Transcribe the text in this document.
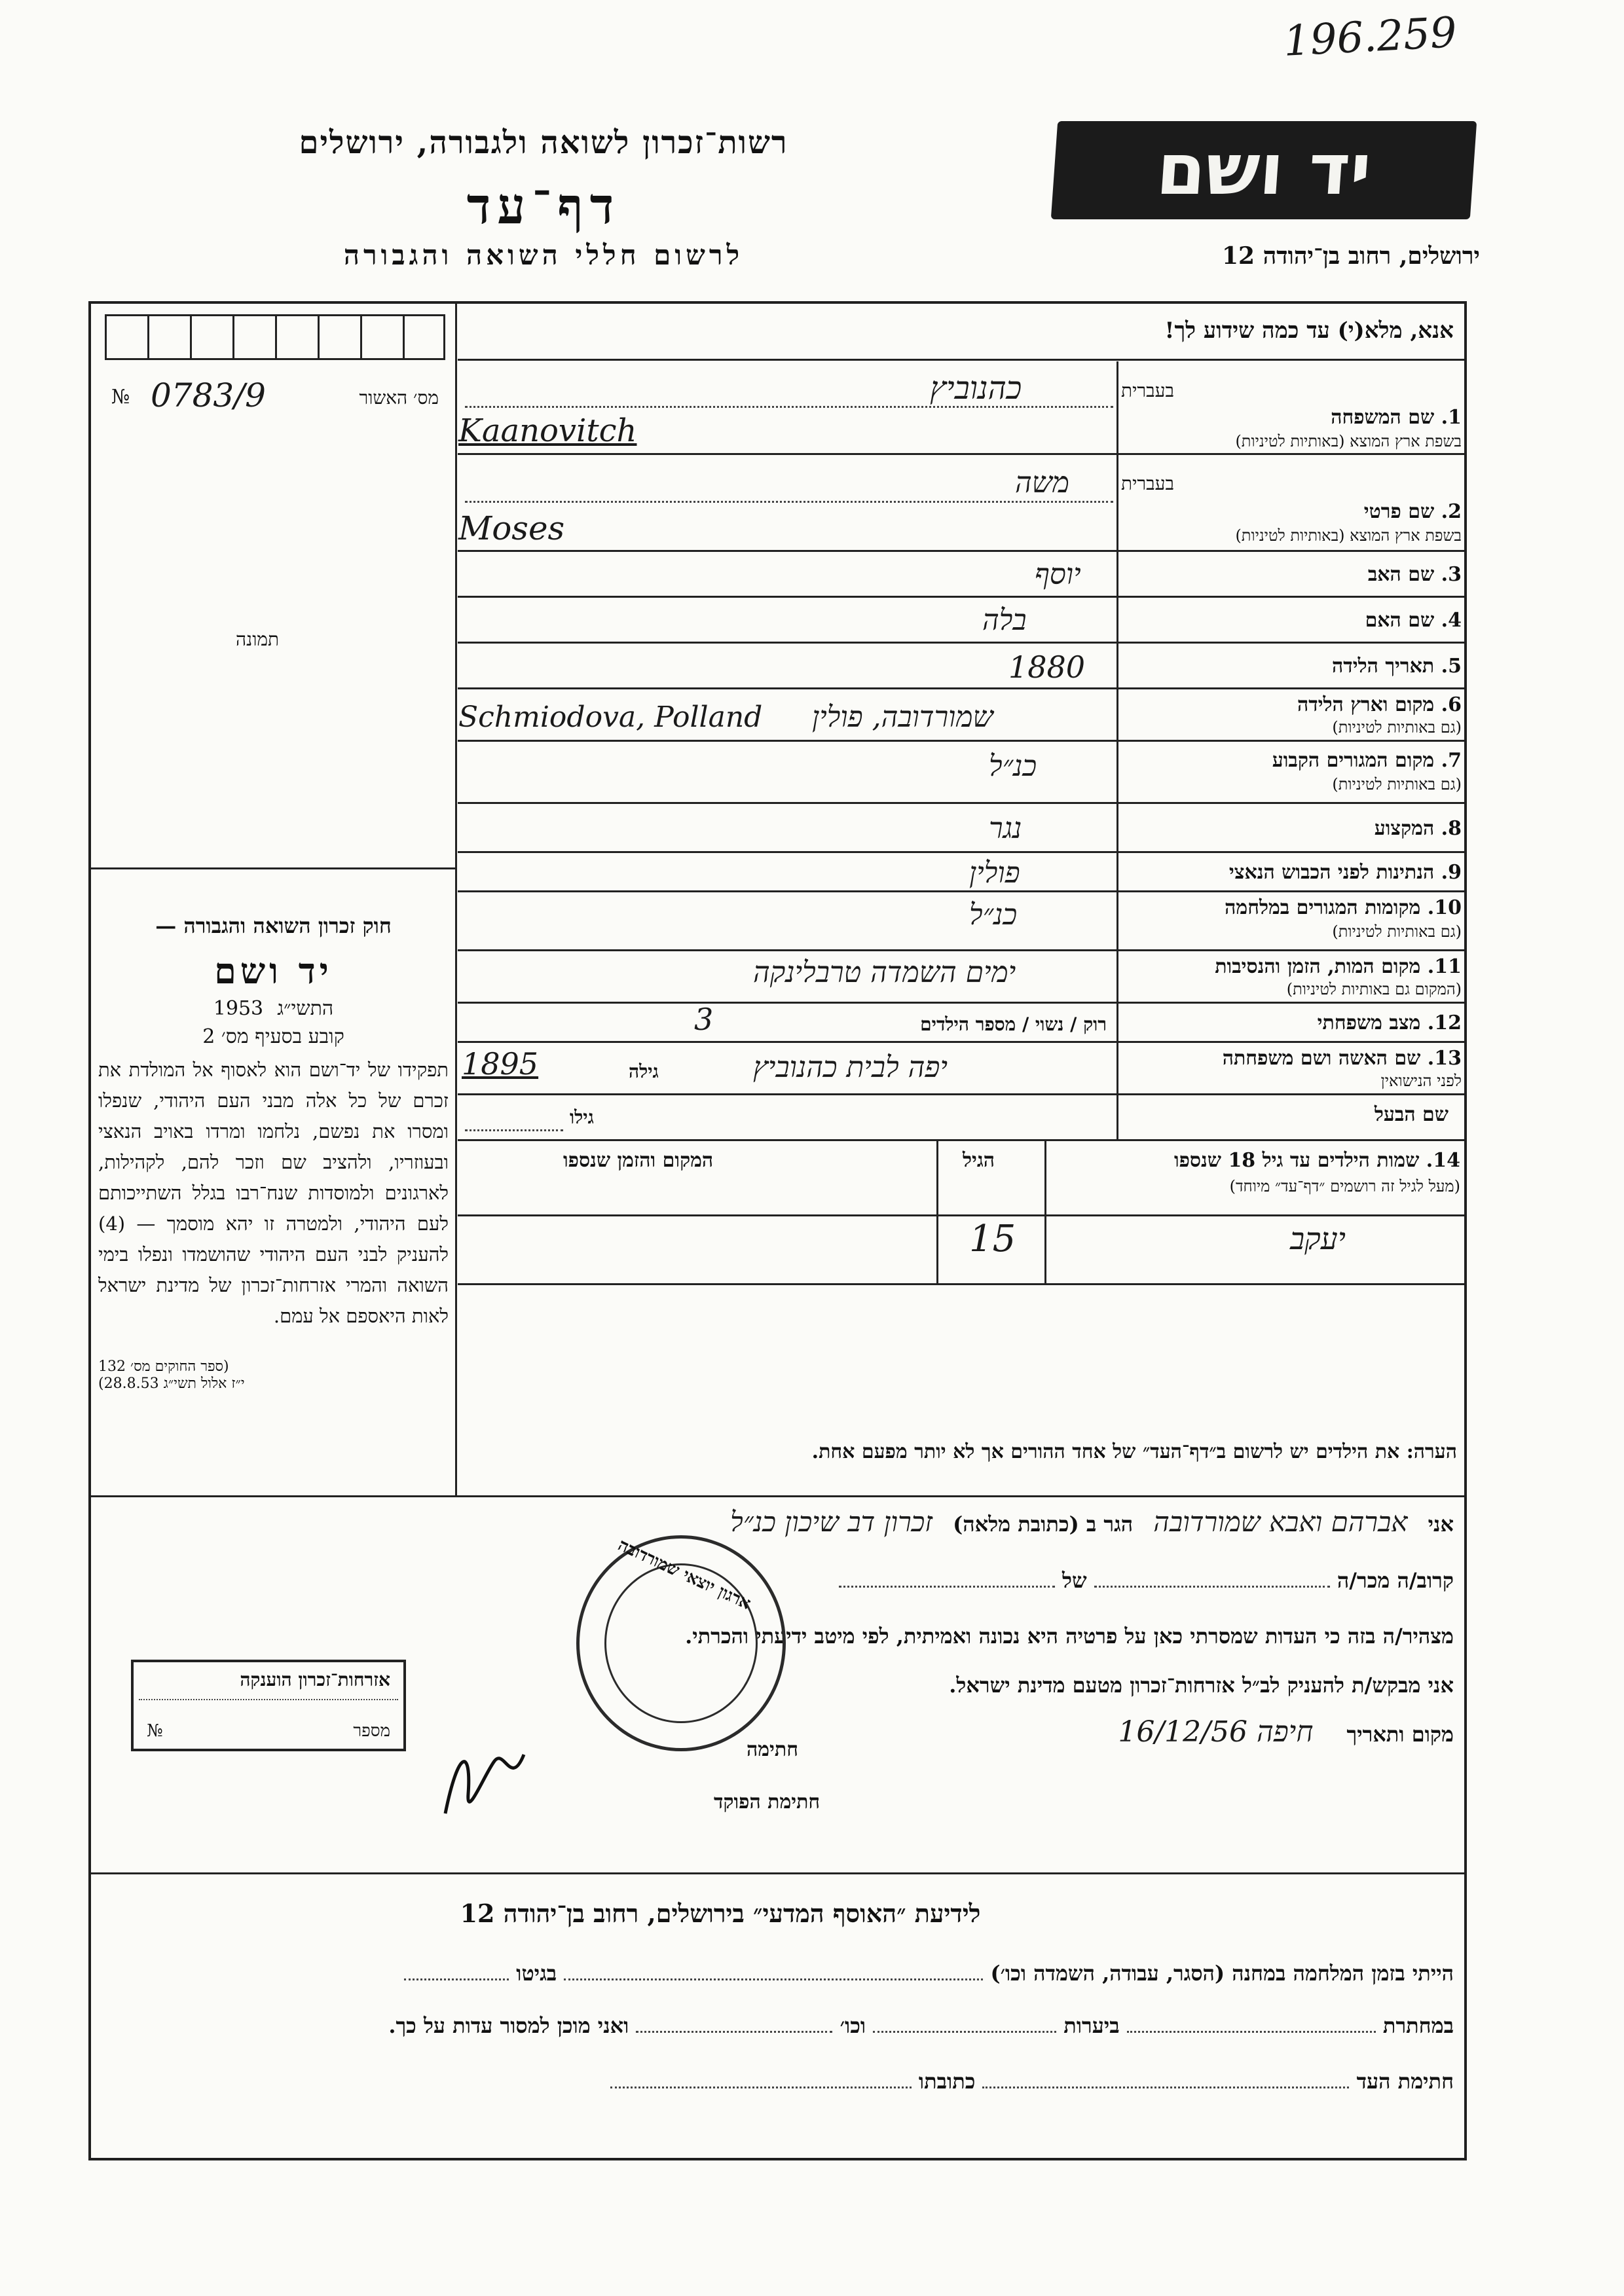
196.259
יד ושם
ירושלים, רחוב בן־יהודה 12
רשות־זכרון לשואה ולגבורה, ירושלים
דף־עד
לרשום חללי השואה והגבורה
אנא, מלא(י) עד כמה שידוע לך!
№ 0783/9	מס׳ האשור
תמונה
חוק זכרון השואה והגבורה —
יד ושם
התשי״ג 1953
קובע בסעיף מס׳ 2
תפקידו של יד־ושם הוא לאסוף אל המולדת את זכרם של כל אלה מבני העם היהודי, שנפלו ומסרו את נפשם, נלחמו ומרדו באויב הנאצי ובעוזריו, ולהציב שם וזכר להם, לקהילות, לארגונים ולמוסדות שנח־רבו בגלל השתייכותם לעם היהודי, ולמטרה זו יהא מוסמך — (4) להעניק לבני העם היהודי שהושמדו ונפלו בימי השואה והמרי אזרחות־זכרון של מדינת ישראל לאות היאספם אל עמם.
(ספר החוקים מס׳ 132
י״ז אלול תשי״ג 28.8.53)
בעברית
1. שם המשפחה
בשפת ארץ המוצא (באותיות לטיניות)
כהנוביץ
Kaanovitch
בעברית
2. שם פרטי
בשפת ארץ המוצא (באותיות לטיניות)
משה
Moses
3. שם האב
יוסף
4. שם האם
בלה
5. תאריך הלידה
1880
6. מקום וארץ הלידה
(גם באותיות לטיניות)
Schmiodova, Polland שמורדובה, פולין
7. מקום המגורים הקבוע
(גם באותיות לטיניות)
כנ״ל
8. המקצוע
נגר
9. הנתינות לפני הכבוש הנאצי
פולין
10. מקומות המגורים במלחמה
(גם באותיות לטיניות)
כנ״ל
11. מקום המות, הזמן והנסיבות
(המקום גם באותיות לטיניות)
ימים השמדה טרבלינקה
12. מצב משפחתי
רוק / נשוי / מספר הילדים
3
13. שם האשה ושם משפחתה
לפני הנישואין
יפה לבית כהנוביץ
גילה
1895
שם הבעל
גילו
14. שמות הילדים עד גיל 18 שנספו
(מעל לגיל זה רושמים ״דף־עד״ מיוחד)
הגיל
המקום והזמן שנספו
יעקב
15
הערה: את הילדים יש לרשום ב״דף־העד״ של אחד ההורים אך לא יותר מפעם אחת.
אני אברהם ואבא שמורדובה הגר ב (כתובת מלאה) זכרון דב שיכון כנ״ל
קרוב/ה מכר/ה  של
מצהיר/ה בזה כי העדות שמסרתי כאן על פרטיה היא נכונה ואמיתית, לפי מיטב ידיעתי והכרתי.
אני מבקש/ת להעניק לב״ל אזרחות־זכרון מטעם מדינת ישראל.
מקום ותאריך חיפה 16/12/56
חתימה
חתימת הפוקד
ארגון יוצאי שמורדובה
אזרחות־זכרון הוענקה
מספר
№
לידיעת ״האוסף המדעי״ בירושלים, רחוב בן־יהודה 12
הייתי בזמן המלחמה במחנה (הסגר, עבודה, השמדה וכו׳)  בגיטו
במחתרת  ביערות  וכו׳  ואני מוכן למסור עדות על כך.
חתימת העד  כתובתו
